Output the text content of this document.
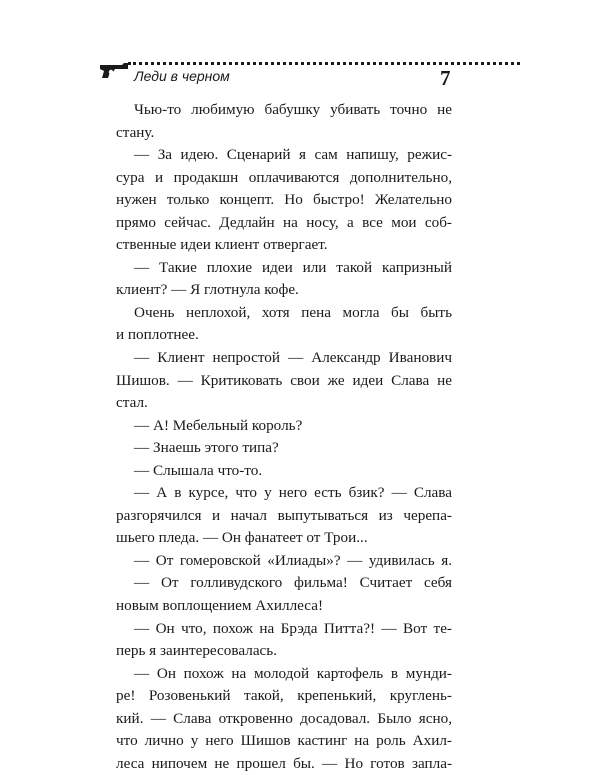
Леди в черном	7
Чью-то любимую бабушку убивать точно не
стану.
— За идею. Сценарий я сам напишу, режис-
сура и продакшн оплачиваются дополнительно,
нужен только концепт. Но быстро! Желательно
прямо сейчас. Дедлайн на носу, а все мои соб-
ственные идеи клиент отвергает.
— Такие плохие идеи или такой капризный
клиент? — Я глотнула кофе.
Очень неплохой, хотя пена могла бы быть
и поплотнее.
— Клиент непростой — Александр Иванович
Шишов. — Критиковать свои же идеи Слава не
стал.
— А! Мебельный король?
— Знаешь этого типа?
— Слышала что-то.
— А в курсе, что у него есть бзик? — Слава
разгорячился и начал выпутываться из черепа-
шьего пледа. — Он фанатеет от Трои...
— От гомеровской «Илиады»? — удивилась я.
— От голливудского фильма! Считает себя
новым воплощением Ахиллеса!
— Он что, похож на Брэда Питта?! — Вот те-
перь я заинтересовалась.
— Он похож на молодой картофель в мунди-
ре! Розовенький такой, крепенький, круглень-
кий. — Слава откровенно досадовал. Было ясно,
что лично у него Шишов кастинг на роль Ахил-
леса нипочем не прошел бы. — Но готов запла-
